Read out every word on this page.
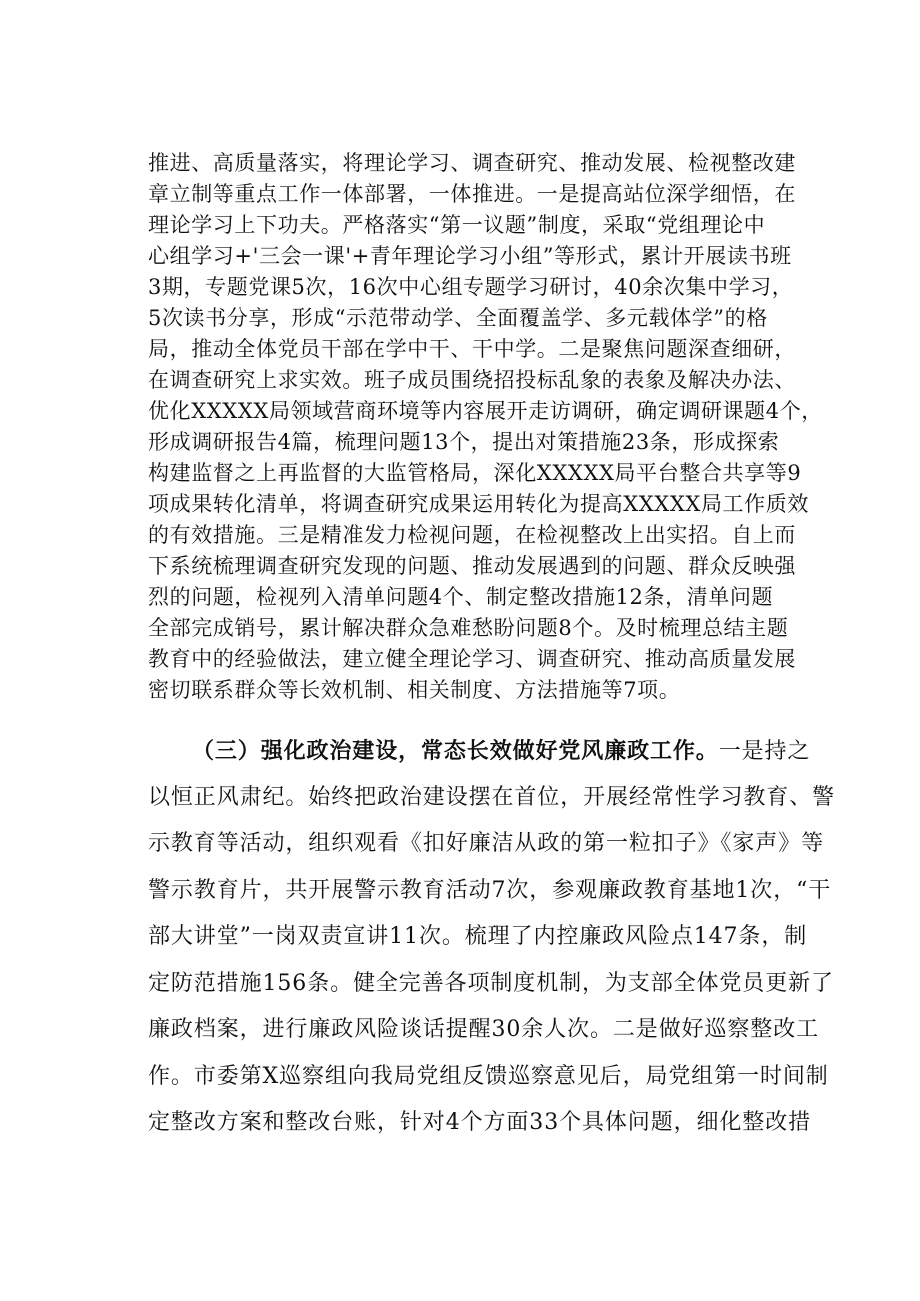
推进、高质量落实，将理论学习、调查研究、推动发展、检视整改建
章立制等重点工作一体部署，一体推进。一是提高站位深学细悟，在
理论学习上下功夫。严格落实“第一议题”制度，采取“党组理论中
心组学习+'三会一课'+青年理论学习小组”等形式，累计开展读书班
3期，专题党课5次，16次中心组专题学习研讨，40余次集中学习，
5次读书分享，形成“示范带动学、全面覆盖学、多元载体学”的格
局，推动全体党员干部在学中干、干中学。二是聚焦问题深查细研，
在调查研究上求实效。班子成员围绕招投标乱象的表象及解决办法、
优化XXXXX局领域营商环境等内容展开走访调研，确定调研课题4个，
形成调研报告4篇，梳理问题13个，提出对策措施23条，形成探索
构建监督之上再监督的大监管格局，深化XXXXX局平台整合共享等9
项成果转化清单，将调查研究成果运用转化为提高XXXXX局工作质效
的有效措施。三是精准发力检视问题，在检视整改上出实招。自上而
下系统梳理调查研究发现的问题、推动发展遇到的问题、群众反映强
烈的问题，检视列入清单问题4个、制定整改措施12条，清单问题
全部完成销号，累计解决群众急难愁盼问题8个。及时梳理总结主题
教育中的经验做法，建立健全理论学习、调查研究、推动高质量发展
密切联系群众等长效机制、相关制度、方法措施等7项。
（三）强化政治建设，常态长效做好党风廉政工作。一是持之
以恒正风肃纪。始终把政治建设摆在首位，开展经常性学习教育、警
示教育等活动，组织观看《扣好廉洁从政的第一粒扣子》《家声》等
警示教育片，共开展警示教育活动7次，参观廉政教育基地1次，“干
部大讲堂”一岗双责宣讲11次。梳理了内控廉政风险点147条，制
定防范措施156条。健全完善各项制度机制，为支部全体党员更新了
廉政档案，进行廉政风险谈话提醒30余人次。二是做好巡察整改工
作。市委第X巡察组向我局党组反馈巡察意见后，局党组第一时间制
定整改方案和整改台账，针对4个方面33个具体问题，细化整改措
